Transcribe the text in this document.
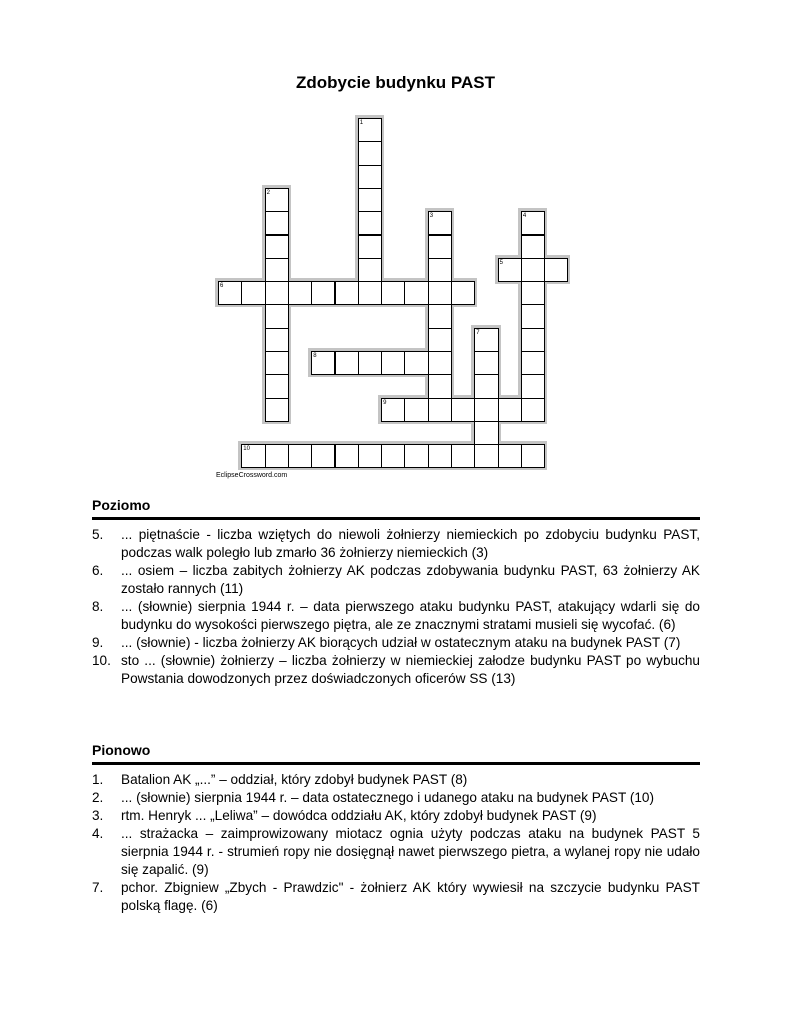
Zdobycie budynku PAST
1
2
3	4
5
6
7
8
9
10
EclipseCrossword.com
Poziomo
5.	... piętnaście - liczba wziętych do niewoli żołnierzy niemieckich po zdobyciu budynku PAST, podczas walk poległo lub zmarło 36 żołnierzy niemieckich (3)
6.	... osiem – liczba zabitych żołnierzy AK podczas zdobywania budynku PAST, 63 żołnierzy AK zostało rannych (11)
8.	... (słownie) sierpnia 1944 r. – data pierwszego ataku budynku PAST, atakujący wdarli się do budynku do wysokości pierwszego piętra, ale ze znacznymi stratami musieli się wycofać. (6)
9.	... (słownie) - liczba żołnierzy AK biorących udział w ostatecznym ataku na budynek PAST (7)
10. sto ... (słownie) żołnierzy – liczba żołnierzy w niemieckiej załodze budynku PAST po wybuchu Powstania dowodzonych przez doświadczonych oficerów SS (13)
Pionowo
1.	Batalion AK „...” – oddział, który zdobył budynek PAST (8)
2.	... (słownie) sierpnia 1944 r. – data ostatecznego i udanego ataku na budynek PAST (10)
3.	rtm. Henryk ... „Leliwa” – dowódca oddziału AK, który zdobył budynek PAST (9)
4.	... strażacka – zaimprowizowany miotacz ognia użyty podczas ataku na budynek PAST 5 sierpnia 1944 r. - strumień ropy nie dosięgnął nawet pierwszego pietra, a wylanej ropy nie udało się zapalić. (9)
7.	pchor. Zbigniew „Zbych - Prawdzic" - żołnierz AK który wywiesił na szczycie budynku PAST polską flagę. (6)
